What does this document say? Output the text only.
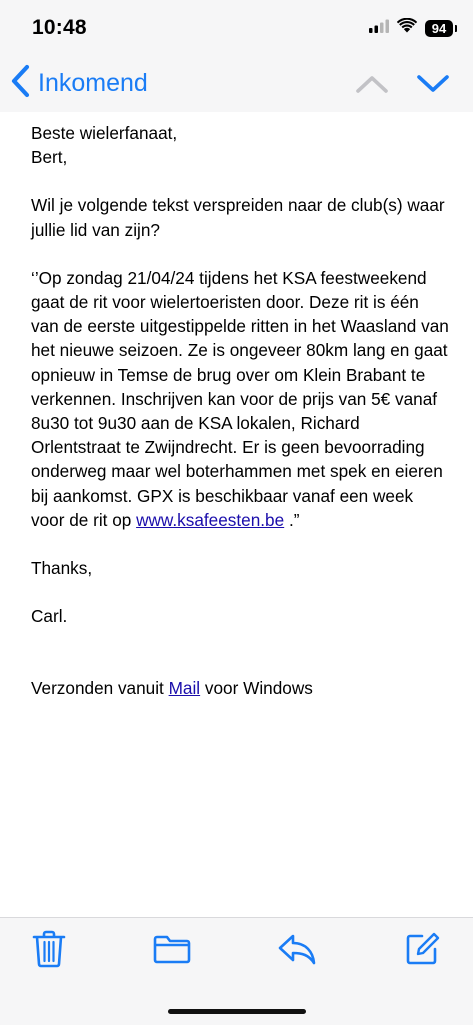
10:48	94
Inkomend

Beste wielerfanaat,

Bert,

Wil je volgende tekst verspreiden naar de club(s) waar jullie lid van zijn?

‘’Op zondag 21/04/24 tijdens het KSA feestweekend gaat de rit voor wielertoeristen door. Deze rit is één van de eerste uitgestippelde ritten in het Waasland van het nieuwe seizoen. Ze is ongeveer 80km lang en gaat opnieuw in Temse de brug over om Klein Brabant te verkennen. Inschrijven kan voor de prijs van 5€ vanaf 8u30 tot 9u30 aan de KSA lokalen, Richard Orlentstraat te Zwijndrecht. Er is geen bevoorrading onderweg maar wel boterhammen met spek en eieren bij aankomst. GPX is beschikbaar vanaf een week voor de rit op www.ksafeesten.be .”

Thanks,

Carl.

Verzonden vanuit Mail voor Windows
